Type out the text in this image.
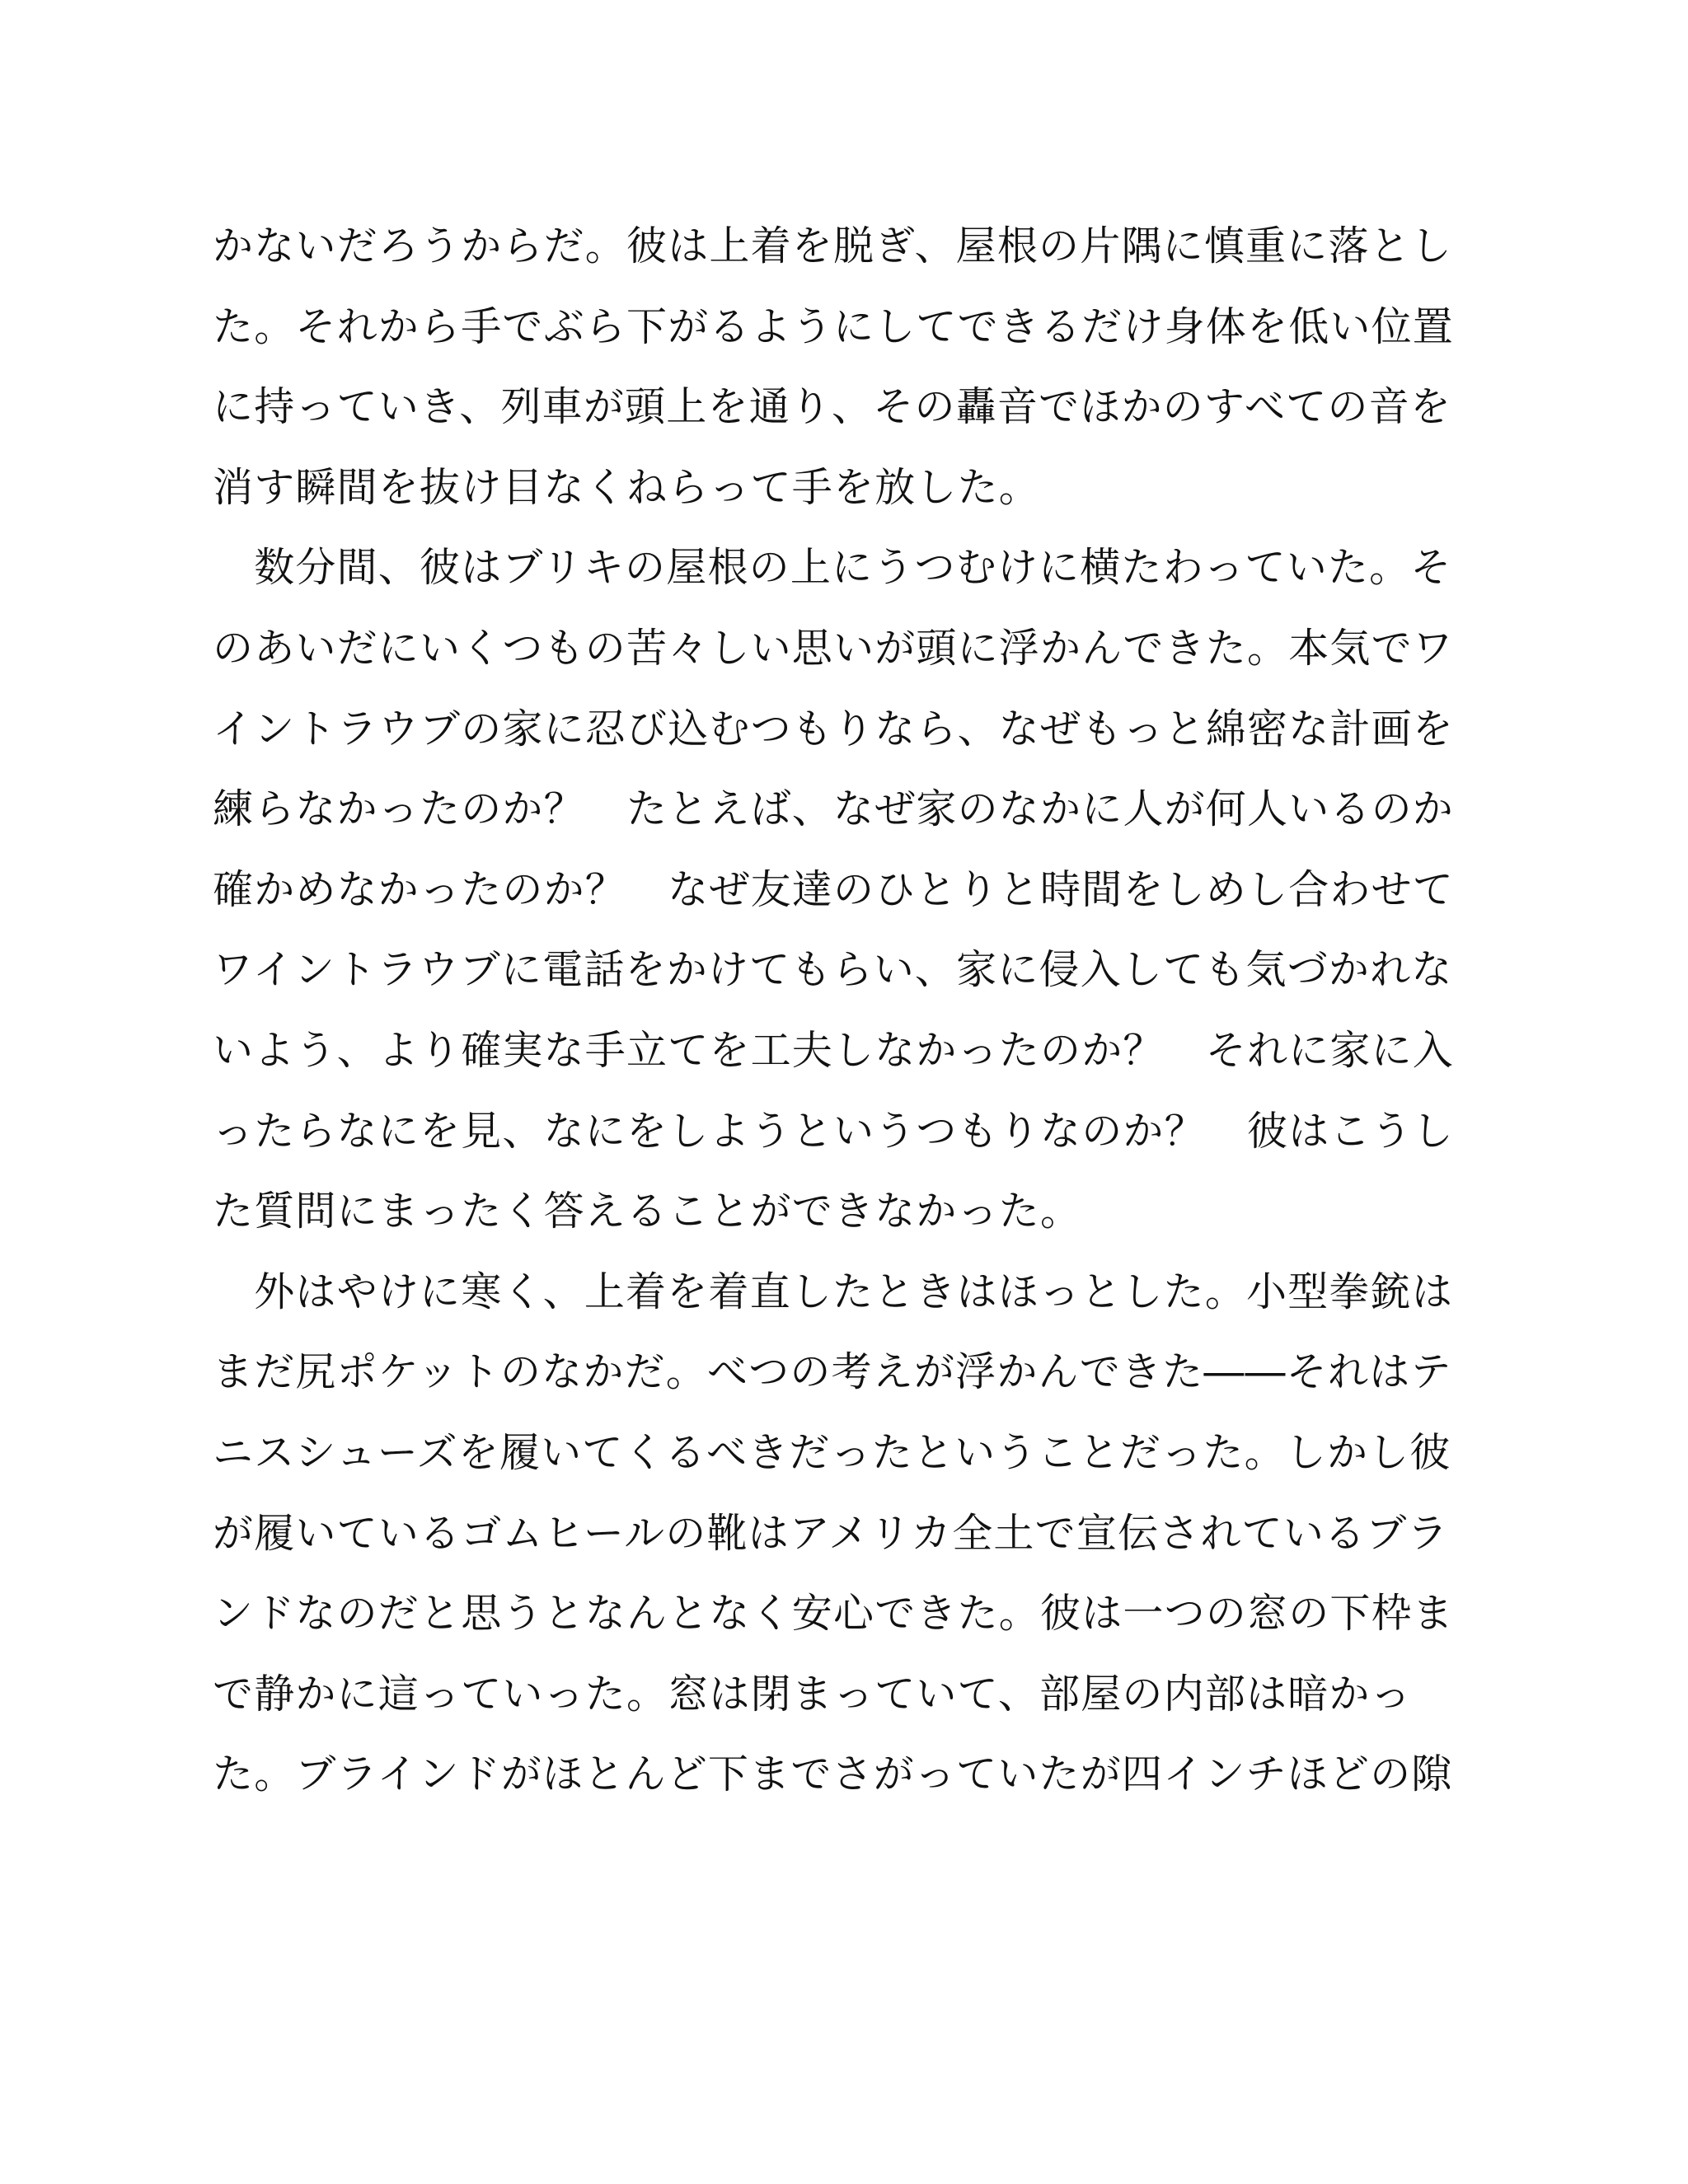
かないだろうからだ。彼は上着を脱ぎ、屋根の片隅に慎重に落とし
た。それから手でぶら下がるようにしてできるだけ身体を低い位置
に持っていき、列車が頭上を通り、その轟音でほかのすべての音を
消す瞬間を抜け目なくねらって手を放した。
　数分間、彼はブリキの屋根の上にうつむけに横たわっていた。そ
のあいだにいくつもの苦々しい思いが頭に浮かんできた。本気でワ
イントラウブの家に忍び込むつもりなら、なぜもっと綿密な計画を
練らなかったのか？　たとえば、なぜ家のなかに人が何人いるのか
確かめなかったのか？　なぜ友達のひとりと時間をしめし合わせて
ワイントラウブに電話をかけてもらい、家に侵入しても気づかれな
いよう、より確実な手立てを工夫しなかったのか？　それに家に入
ったらなにを見、なにをしようというつもりなのか？　彼はこうし
た質問にまったく答えることができなかった。
　外はやけに寒く、上着を着直したときはほっとした。小型拳銃は
まだ尻ポケットのなかだ。べつの考えが浮かんできた――それはテ
ニスシューズを履いてくるべきだったということだった。しかし彼
が履いているゴムヒールの靴はアメリカ全土で宣伝されているブラ
ンドなのだと思うとなんとなく安心できた。彼は一つの窓の下枠ま
で静かに這っていった。窓は閉まっていて、部屋の内部は暗かっ
た。ブラインドがほとんど下までさがっていたが四インチほどの隙
